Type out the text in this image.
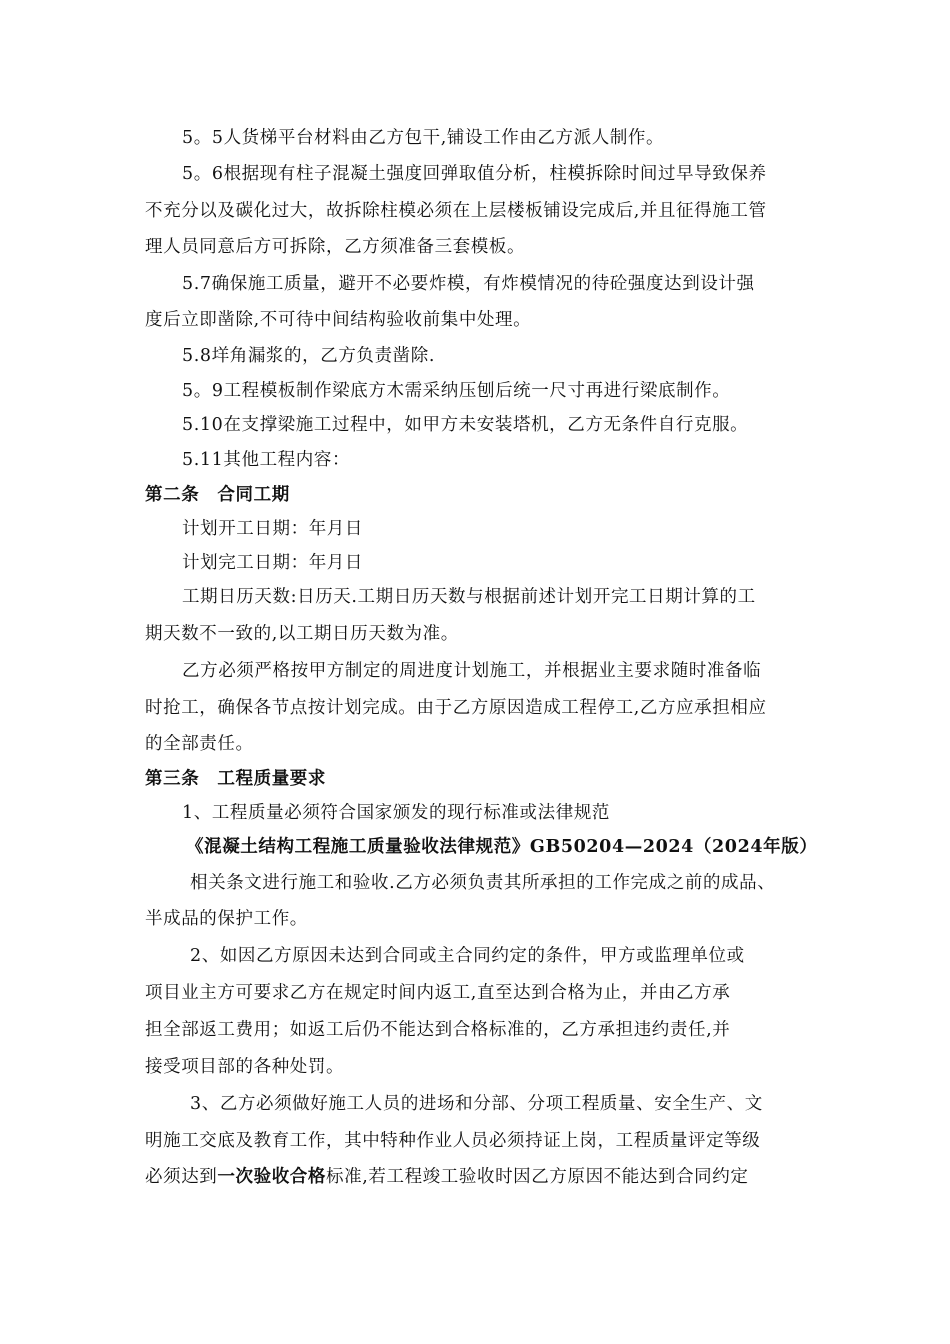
5。5人货梯平台材料由乙方包干,铺设工作由乙方派人制作。
5。6根据现有柱子混凝土强度回弹取值分析，柱模拆除时间过早导致保养
不充分以及碳化过大，故拆除柱模必须在上层楼板铺设完成后,并且征得施工管
理人员同意后方可拆除，乙方须准备三套模板。
5.7确保施工质量，避开不必要炸模，有炸模情况的待砼强度达到设计强
度后立即凿除,不可待中间结构验收前集中处理。
5.8垟角漏浆的，乙方负责凿除.
5。9工程模板制作梁底方木需采纳压刨后统一尺寸再进行梁底制作。
5.10在支撑梁施工过程中，如甲方未安装塔机，乙方无条件自行克服。
5.11其他工程内容：
第二条　合同工期
计划开工日期：年月日
计划完工日期：年月日
工期日历天数:日历天.工期日历天数与根据前述计划开完工日期计算的工
期天数不一致的,以工期日历天数为准。
乙方必须严格按甲方制定的周进度计划施工，并根据业主要求随时准备临
时抢工，确保各节点按计划完成。由于乙方原因造成工程停工,乙方应承担相应
的全部责任。
第三条　工程质量要求
1、工程质量必须符合国家颁发的现行标准或法律规范
《混凝土结构工程施工质量验收法律规范》GB50204—2024（2024年版）
相关条文进行施工和验收.乙方必须负责其所承担的工作完成之前的成品、
半成品的保护工作。
2、如因乙方原因未达到合同或主合同约定的条件，甲方或监理单位或
项目业主方可要求乙方在规定时间内返工,直至达到合格为止，并由乙方承
担全部返工费用；如返工后仍不能达到合格标准的，乙方承担违约责任,并
接受项目部的各种处罚。
3、乙方必须做好施工人员的进场和分部、分项工程质量、安全生产、文
明施工交底及教育工作，其中特种作业人员必须持证上岗，工程质量评定等级
必须达到一次验收合格标准,若工程竣工验收时因乙方原因不能达到合同约定
